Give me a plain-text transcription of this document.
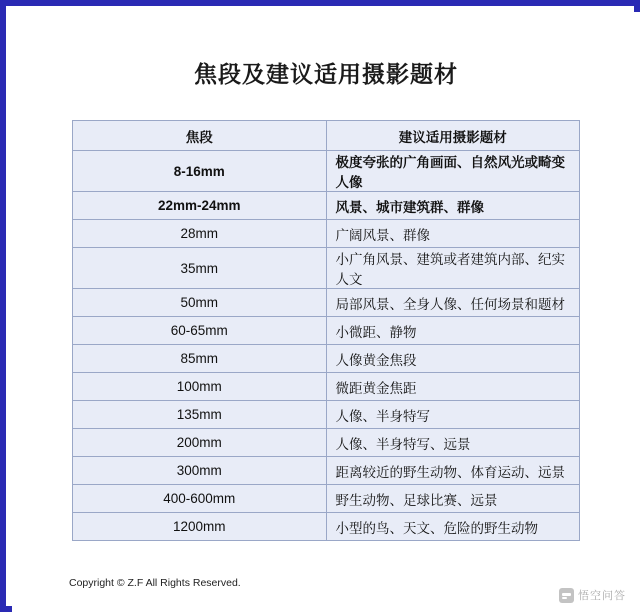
焦段及建议适用摄影题材
焦段	建议适用摄影题材
8-16mm	极度夸张的广角画面、自然风光或畸变人像
22mm-24mm	风景、城市建筑群、群像
28mm	广阔风景、群像
35mm	小广角风景、建筑或者建筑内部、纪实人文
50mm	局部风景、全身人像、任何场景和题材
60-65mm	小微距、静物
85mm	人像黄金焦段
100mm	微距黄金焦距
135mm	人像、半身特写
200mm	人像、半身特写、远景
300mm	距离较近的野生动物、体育运动、远景
400-600mm	野生动物、足球比赛、远景
1200mm	小型的鸟、天文、危险的野生动物
Copyright © Z.F All Rights Reserved.
悟空问答
